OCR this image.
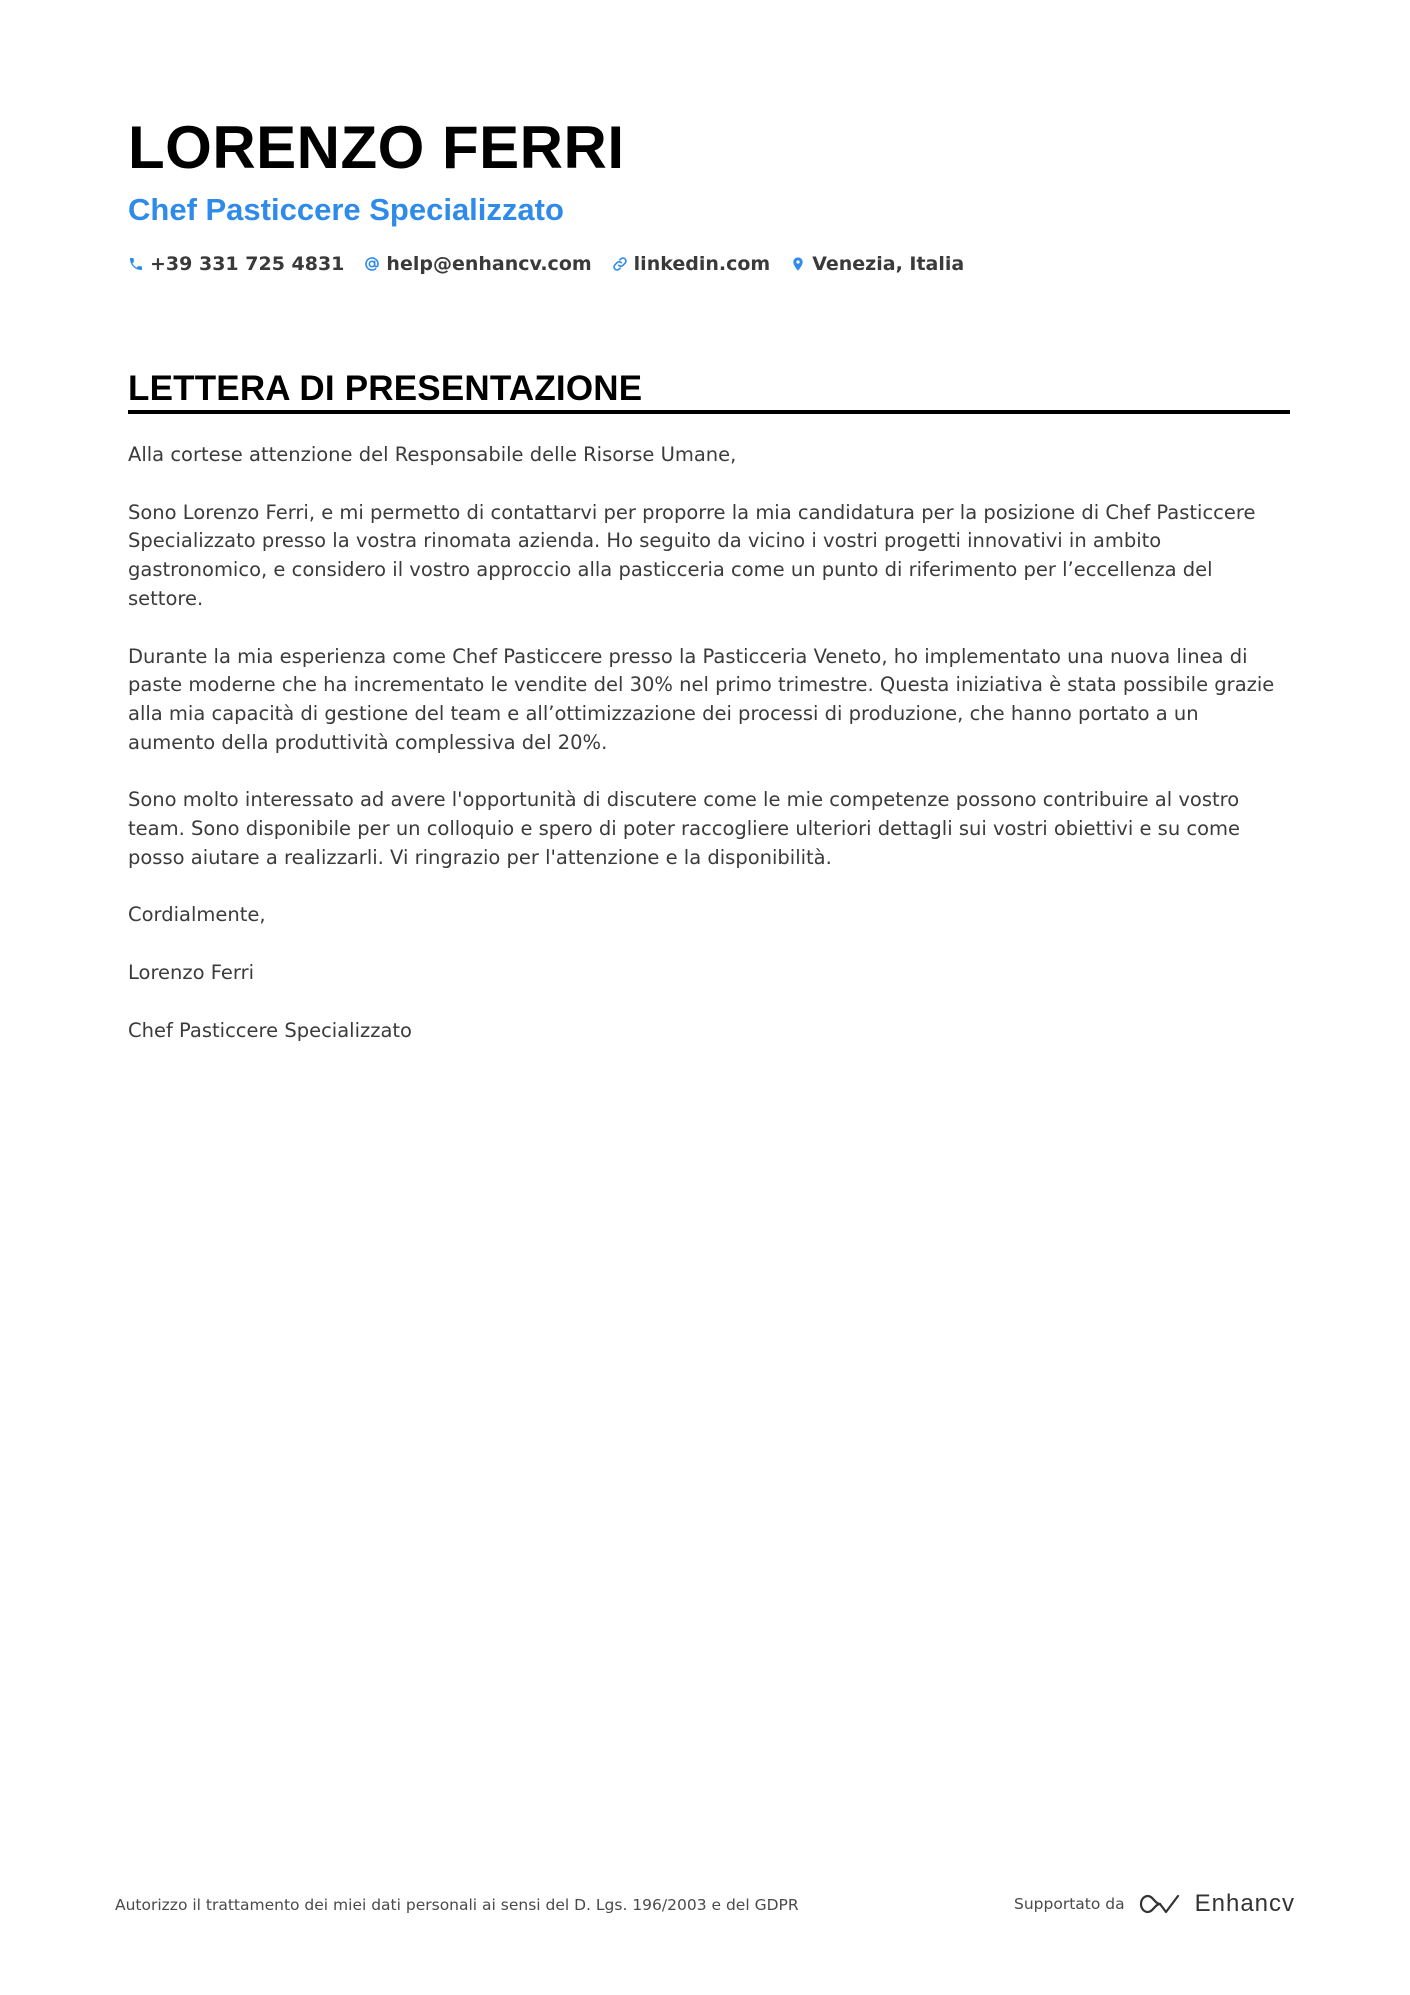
LORENZO FERRI
Chef Pasticcere Specializzato
+39 331 725 4831 help@enhancv.com linkedin.com Venezia, Italia
LETTERA DI PRESENTAZIONE

Alla cortese attenzione del Responsabile delle Risorse Umane,

Sono Lorenzo Ferri, e mi permetto di contattarvi per proporre la mia candidatura per la posizione di Chef Pasticcere Specializzato presso la vostra rinomata azienda. Ho seguito da vicino i vostri progetti innovativi in ambito gastronomico, e considero il vostro approccio alla pasticceria come un punto di riferimento per l’eccellenza del settore.

Durante la mia esperienza come Chef Pasticcere presso la Pasticceria Veneto, ho implementato una nuova linea di paste moderne che ha incrementato le vendite del 30% nel primo trimestre. Questa iniziativa è stata possibile grazie alla mia capacità di gestione del team e all’ottimizzazione dei processi di produzione, che hanno portato a un aumento della produttività complessiva del 20%.

Sono molto interessato ad avere l'opportunità di discutere come le mie competenze possono contribuire al vostro team. Sono disponibile per un colloquio e spero di poter raccogliere ulteriori dettagli sui vostri obiettivi e su come posso aiutare a realizzarli. Vi ringrazio per l'attenzione e la disponibilità.

Cordialmente,

Lorenzo Ferri

Chef Pasticcere Specializzato

Autorizzo il trattamento dei miei dati personali ai sensi del D. Lgs. 196/2003 e del GDPR	Supportato da	Enhancv
